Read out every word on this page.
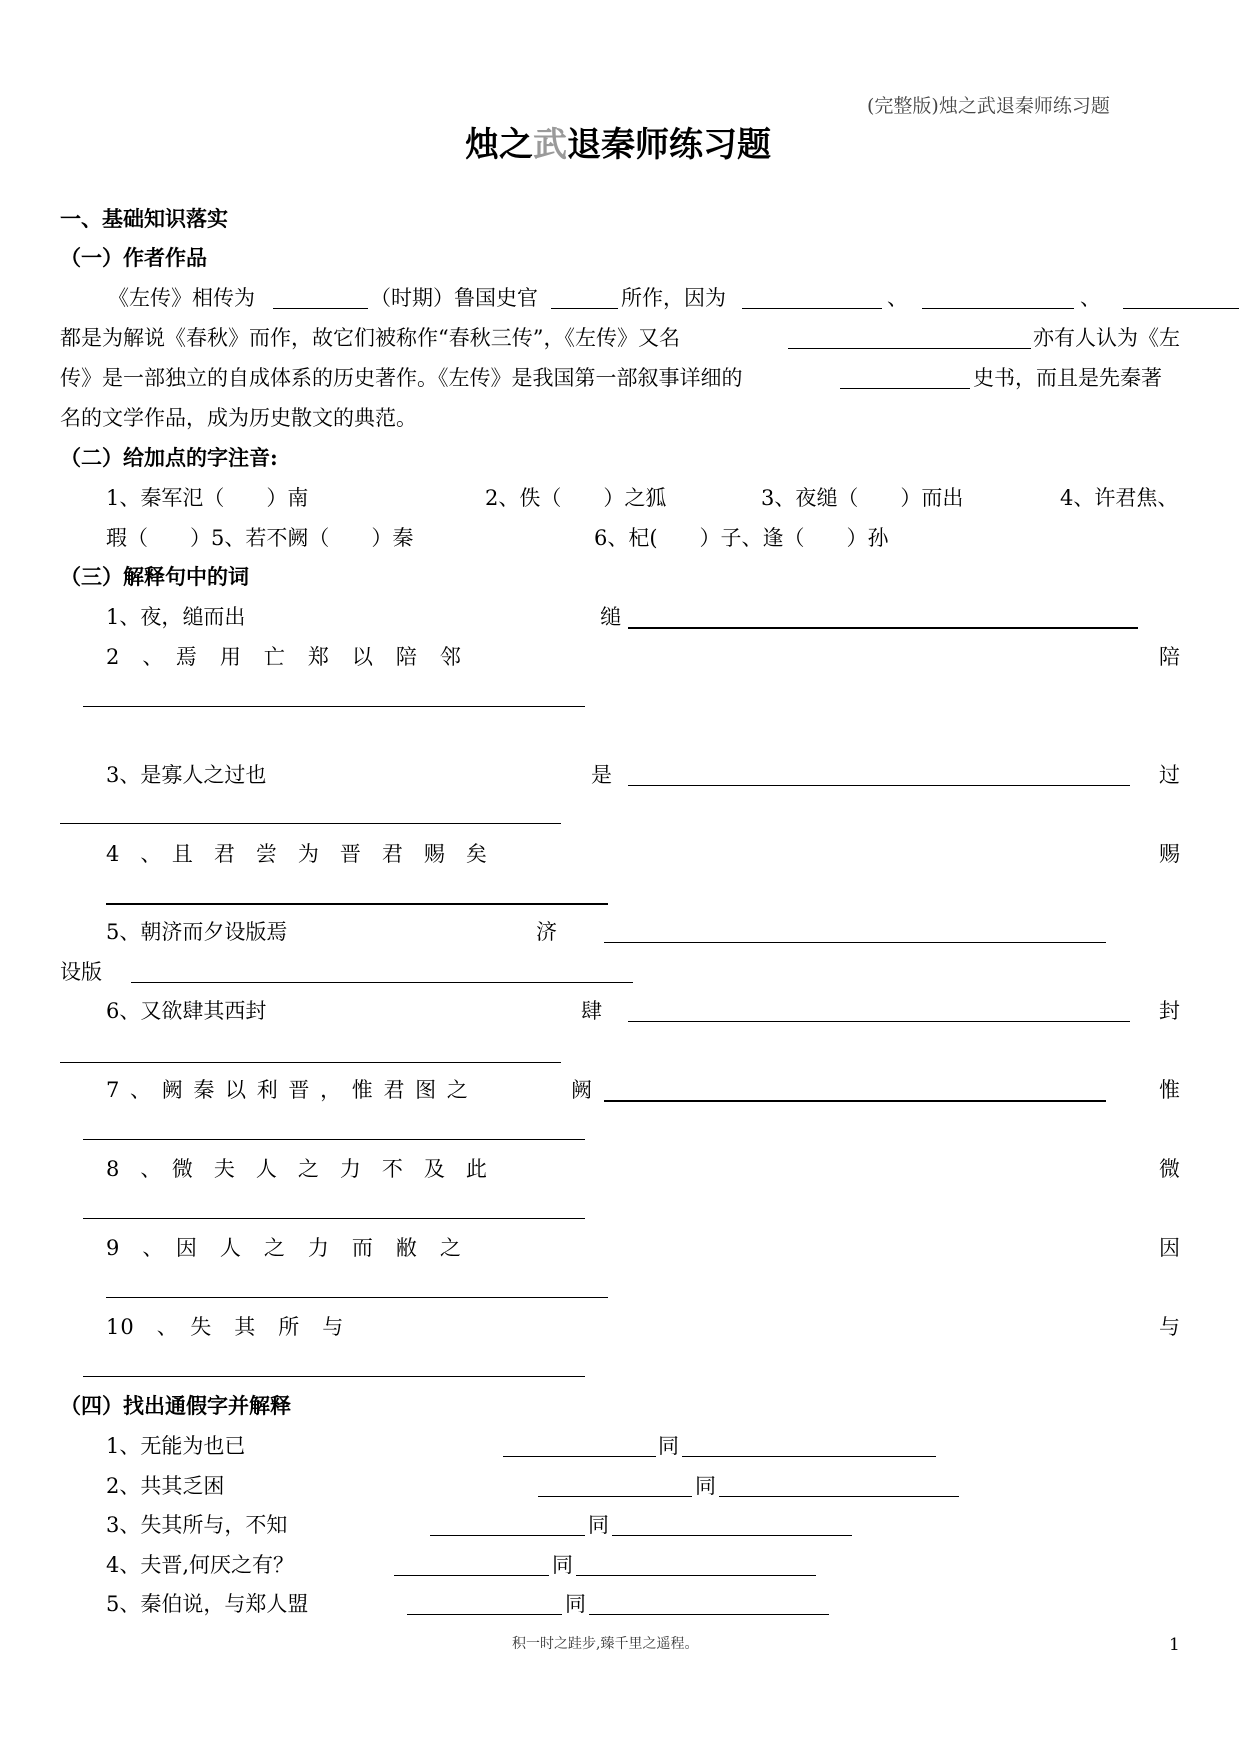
(完整版)烛之武退秦师练习题
烛之武退秦师练习题
一、基础知识落实
（一）作者作品
《左传》相传为	（时期）鲁国史官	所作，因为	、	、
都是为解说《春秋》而作，故它们被称作“春秋三传”，《左传》又名	亦有人认为《左
传》是一部独立的自成体系的历史著作。《左传》是我国第一部叙事详细的	史书，而且是先秦著
名的文学作品，成为历史散文的典范。
（二）给加点的字注音:
1、秦军氾（　　）南	2、佚（　　）之狐	3、夜缒（　　）而出	4、许君焦、
瑕（　　）5、若不阙（　　）秦	6、杞(　　）子、逢（　　）孙
（三）解释句中的词
1、夜，缒而出	缒
2　、　焉　用　亡　郑　以　陪　邻	陪
3、是寡人之过也	是	过
4　、　且　君　尝　为　晋　君　赐　矣	赐
5、朝济而夕设版焉	济
设版
6、又欲肆其西封	肆	封
7 、 阙 秦 以 利 晋 ， 惟 君 图 之	阙	惟
8　、　微　夫　人　之　力　不　及　此	微
9　、　因　人　之　力　而　敝　之	因
10　、　失　其　所　与	与
（四）找出通假字并解释
1、无能为也已	同
2、共其乏困	同
3、失其所与，不知	同
4、夫晋,何厌之有？	同
5、秦伯说，与郑人盟	同
积一时之跬步,臻千里之遥程。	1
